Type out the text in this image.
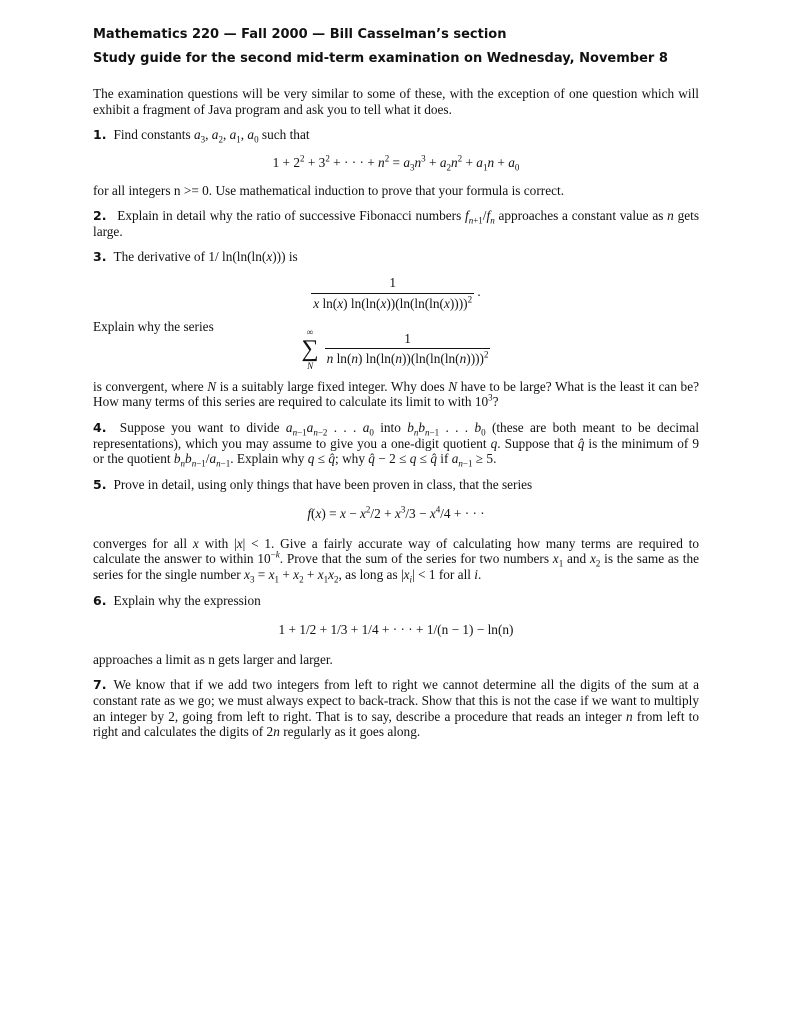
Mathematics 220 — Fall 2000 — Bill Casselman’s section
Study guide for the second mid-term examination on Wednesday, November 8

The examination questions will be very similar to some of these, with the exception of one question which will exhibit a fragment of Java program and ask you to tell what it does.

1. Find constants $a_3$, $a_2$, $a_1$, $a_0$ such that

$1 + 2^2 + 3^2$ + · · · + $n^2 = a_3n^3 + a_2n^2 + a_1n + a_0$

for all integers n >= 0. Use mathematical induction to prove that your formula is correct.

2. Explain in detail why the ratio of successive Fibonacci numbers $f_{n+1}/f_n$ approaches a constant value as n gets large.

3. The derivative of 1/ ln(ln(ln(x))) is

$\frac{1}{x \ln(x) \ln(\ln(x))(\ln(\ln(\ln(x))))^2}$ .

Explain why the series	∞
∑
N $\frac{1}{n \ln(n) \ln(\ln(n))(\ln(\ln(\ln(n))))^2}$

is convergent, where N is a suitably large fixed integer. Why does N have to be large? What is the least it can be? How many terms of this series are required to calculate its limit to with $10^3$?

4. Suppose you want to divide $a_{n-1}a_{n-2}$ . . . $a_0$ into $b_nb_{n-1}$ . . . $b_0$ (these are both meant to be decimal representations), which you may assume to give you a one-digit quotient q. Suppose that q̂ is the minimum of 9 or the quotient $b_nb_{n-1}/a_{n-1}$. Explain why q ≤ q̂; why q̂ − 2 ≤ q ≤ q̂ if $a_{n-1} \ge 5$.

5. Prove in detail, using only things that have been proven in class, that the series

$f(x) = x - x^2/2 + x^3/3 - x^4/4$ + · · ·

converges for all x with |x| < 1. Give a fairly accurate way of calculating how many terms are required to calculate the answer to within $10^{-k}$. Prove that the sum of the series for two numbers $x_1$ and $x_2$ is the same as the series for the single number $x_3 = x_1 + x_2 + x_1x_2$, as long as $|x_i| < 1$ for all i.

6. Explain why the expression

1 + 1/2 + 1/3 + 1/4 + · · · + 1/(n − 1) − ln(n)

approaches a limit as n gets larger and larger.

7. We know that if we add two integers from left to right we cannot determine all the digits of the sum at a constant rate as we go; we must always expect to back-track. Show that this is not the case if we want to multiply an integer by 2, going from left to right. That is to say, describe a procedure that reads an integer n from left to right and calculates the digits of 2n regularly as it goes along.
